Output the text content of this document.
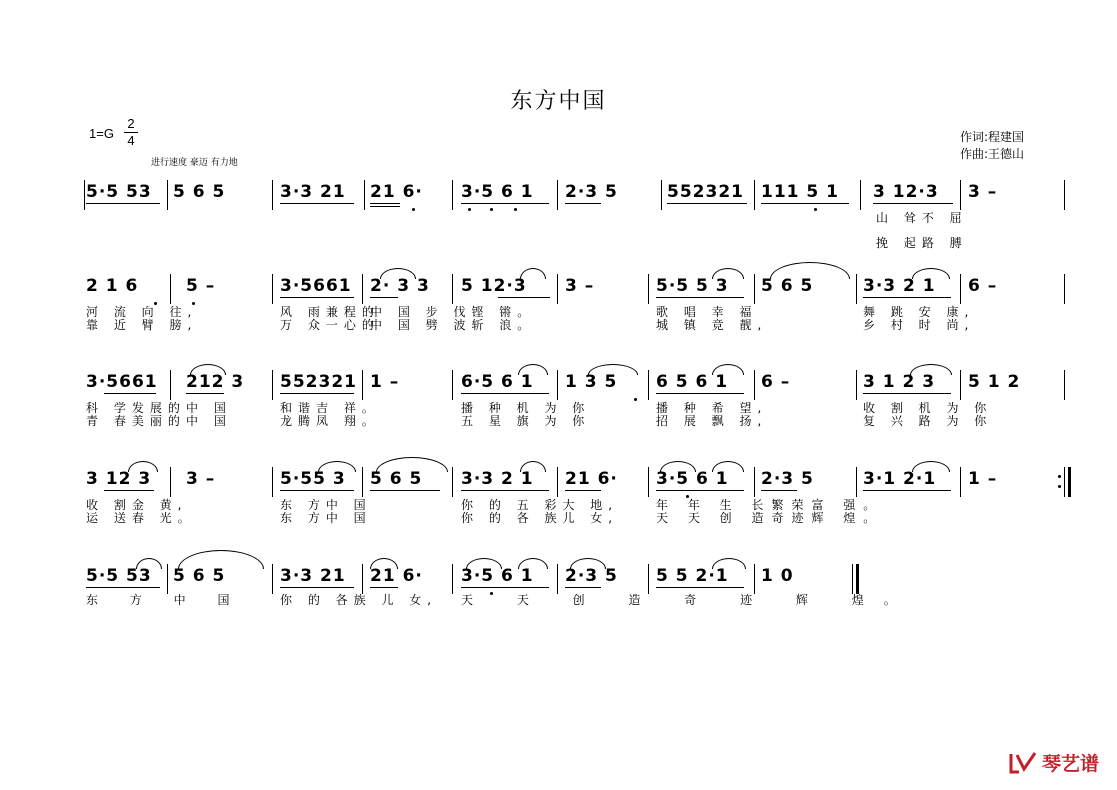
东方中国
1=G
2
4
进行速度 豪迈 有力地
作词:程建国
作曲:王德山
5·5 53 5 6 5	3·3 21 21 6· 3·5 6 1 2·3 5	552321 111 5 1 3 12·3 3 –
山 耸不 屈
挽 起路 膊
2 1 6	5 –	3·5661 2· 3 3 5 12·3 3 –	5·5 5 3 5 6 5	3·3 2 1 6 –
河 流 向 往,	风 雨兼程的
中 国 步 伐铿 锵。	歌 唱 幸 福	舞 跳 安 康,
靠 近 臂 膀,	万 众一心的
中 国 劈 波斩 浪。	城 镇 竞 靓,	乡 村 时 尚,
3·5661 212 3 552321 1 –	6·5 6 1 1 3 5 6 5 6 1 6 –	3 1 2 3 5 1 2
科 学发展的 中 国	和谐吉 祥。	播 种 机 为 你	播 种 希 望,	收 割 机 为 你
青 春美丽的 中 国	龙腾凤 翔。	五 星 旗 为 你	招 展 飘 扬,	复 兴 路 为 你
3 12 3 3 –	5·55 3 5 6 5 3·3 2 1 21 6· 3·5 6 1 2·3 5	3·1 2·1 1 –
收 割金 黄,	东 方中 国	你 的 五 彩大 地,	年 年 生 长繁荣富 强。
运 送春 光。	东 方中 国	你 的 各 族儿 女,	天 天 创 造奇迹辉 煌。
5·5 53 5 6 5	3·3 21 21 6· 3·5 6 1 2·3 5 5 5 2·1 1 0
东 方 中 国	你 的 各族 儿 女, 天 天 创 造 奇 迹 辉 煌。
琴艺谱
